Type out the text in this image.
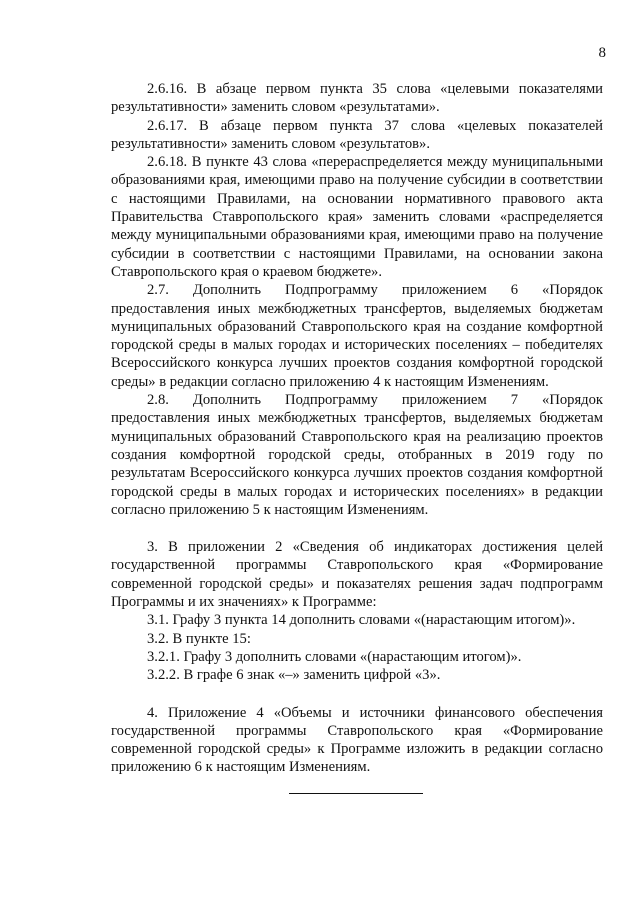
8

2.6.16. В абзаце первом пункта 35 слова «целевыми показателями результативности» заменить словом «результатами».

2.6.17. В абзаце первом пункта 37 слова «целевых показателей результативности» заменить словом «результатов».

2.6.18. В пункте 43 слова «перераспределяется между муниципальными образованиями края, имеющими право на получение субсидии в соответствии с настоящими Правилами, на основании нормативного правового акта Правительства Ставропольского края» заменить словами «распределяется между муниципальными образованиями края, имеющими право на получение субсидии в соответствии с настоящими Правилами, на основании закона Ставропольского края о краевом бюджете».

2.7. Дополнить Подпрограмму приложением 6 «Порядок предоставления иных межбюджетных трансфертов, выделяемых бюджетам муниципальных образований Ставропольского края на создание комфортной городской среды в малых городах и исторических поселениях – победителях Всероссийского конкурса лучших проектов создания комфортной городской среды» в редакции согласно приложению 4 к настоящим Изменениям.

2.8. Дополнить Подпрограмму приложением 7 «Порядок предоставления иных межбюджетных трансфертов, выделяемых бюджетам муниципальных образований Ставропольского края на реализацию проектов создания комфортной городской среды, отобранных в 2019 году по результатам Всероссийского конкурса лучших проектов создания комфортной городской среды в малых городах и исторических поселениях» в редакции согласно приложению 5 к настоящим Изменениям.

3. В приложении 2 «Сведения об индикаторах достижения целей государственной программы Ставропольского края «Формирование современной городской среды» и показателях решения задач подпрограмм Программы и их значениях» к Программе:

3.1. Графу 3 пункта 14 дополнить словами «(нарастающим итогом)».

3.2. В пункте 15:

3.2.1. Графу 3 дополнить словами «(нарастающим итогом)».

3.2.2. В графе 6 знак «–» заменить цифрой «3».

4. Приложение 4 «Объемы и источники финансового обеспечения государственной программы Ставропольского края «Формирование современной городской среды» к Программе изложить в редакции согласно приложению 6 к настоящим Изменениям.
